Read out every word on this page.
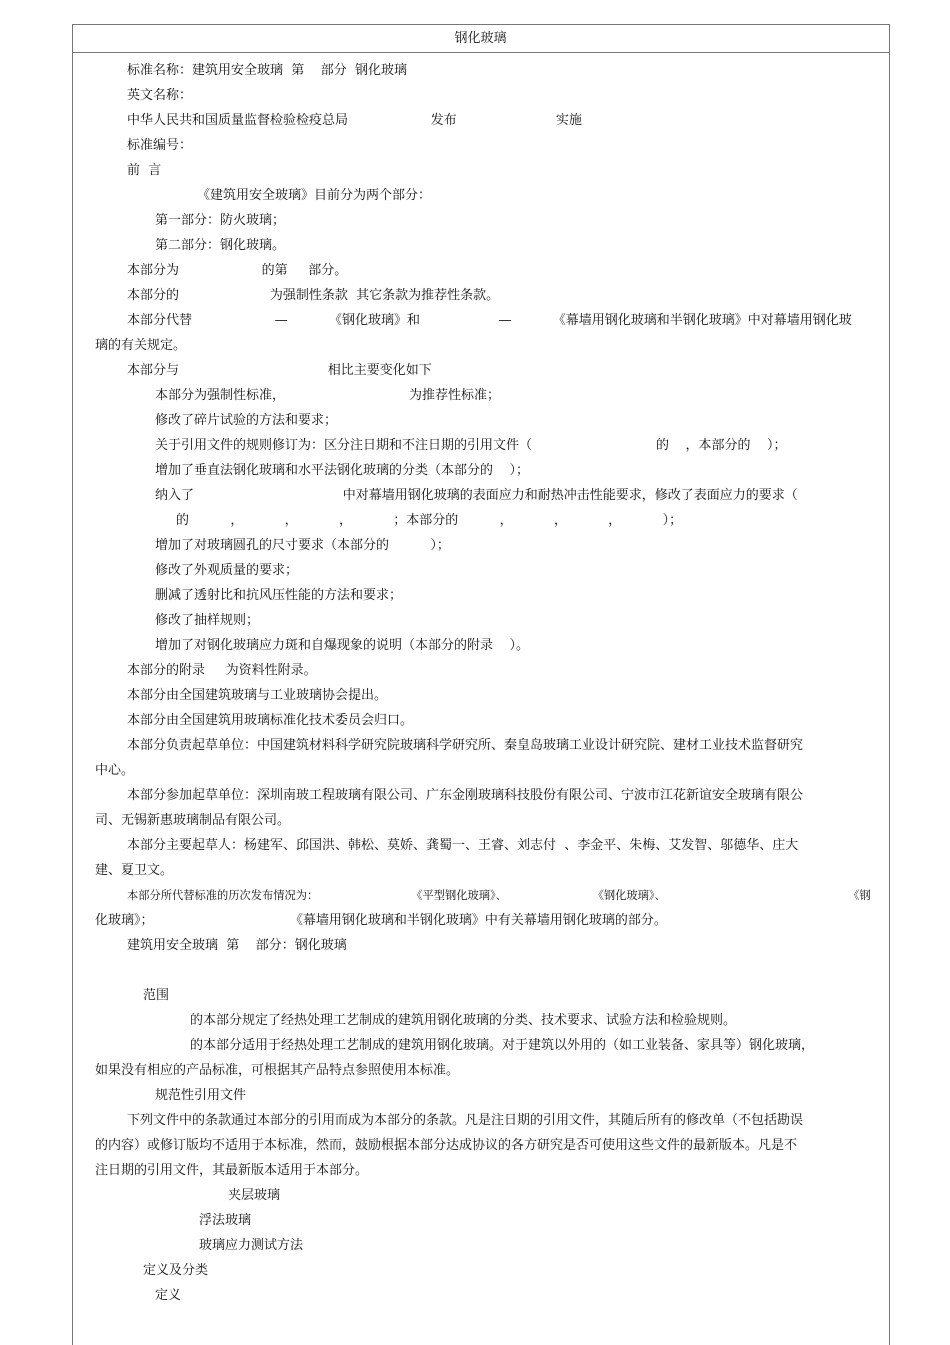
钢化玻璃
标准名称：建筑用安全玻璃  第    部分  钢化玻璃
英文名称：
中华人民共和国质量监督检验检疫总局                    发布                        实施
标准编号：
前  言
《建筑用安全玻璃》目前分为两个部分：
第一部分：防火玻璃；
第二部分：钢化玻璃。
本部分为                    的第     部分。
本部分的                      为强制性条款  其它条款为推荐性条款。
本部分代替                    —          《钢化玻璃》和                   —          《幕墙用钢化玻璃和半钢化玻璃》中对幕墙用钢化玻
璃的有关规定。
本部分与                                    相比主要变化如下
本部分为强制性标准，                              为推荐性标准；
修改了碎片试验的方法和要求；
关于引用文件的规则修订为：区分注日期和不注日期的引用文件（                              的    ，本部分的    ）；
增加了垂直法钢化玻璃和水平法钢化玻璃的分类（本部分的    ）；
纳入了                                    中对幕墙用钢化玻璃的表面应力和耐热冲击性能要求，修改了表面应力的要求（
的          ，          ，          ，          ；本部分的          ，          ，          ，          ）；
增加了对玻璃圆孔的尺寸要求（本部分的          ）；
修改了外观质量的要求；
删减了透射比和抗风压性能的方法和要求；
修改了抽样规则；
增加了对钢化玻璃应力斑和自爆现象的说明（本部分的附录    ）。
本部分的附录     为资料性附录。
本部分由全国建筑玻璃与工业玻璃协会提出。
本部分由全国建筑用玻璃标准化技术委员会归口。
本部分负责起草单位：中国建筑材料科学研究院玻璃科学研究所、秦皇岛玻璃工业设计研究院、建材工业技术监督研究
中心。
本部分参加起草单位：深圳南玻工程玻璃有限公司、广东金刚玻璃科技股份有限公司、宁波市江花新谊安全玻璃有限公
司、无锡新惠玻璃制品有限公司。
本部分主要起草人：杨建军、邱国洪、韩松、莫娇、龚蜀一、王睿、刘志付  、李金平、朱梅、艾发智、邬德华、庄大
建、夏卫文。
本部分所代替标准的历次发布情况为：                          《平型钢化玻璃》、                        《钢化玻璃》、                                                   《钢
化玻璃》；                                 《幕墙用钢化玻璃和半钢化玻璃》中有关幕墙用钢化玻璃的部分。
建筑用安全玻璃  第    部分：钢化玻璃
范围
的本部分规定了经热处理工艺制成的建筑用钢化玻璃的分类、技术要求、试验方法和检验规则。
的本部分适用于经热处理工艺制成的建筑用钢化玻璃。对于建筑以外用的（如工业装备、家具等）钢化玻璃，
如果没有相应的产品标准，可根据其产品特点参照使用本标准。
规范性引用文件
下列文件中的条款通过本部分的引用而成为本部分的条款。凡是注日期的引用文件，其随后所有的修改单（不包括勘误
的内容）或修订版均不适用于本标准，然而，鼓励根据本部分达成协议的各方研究是否可使用这些文件的最新版本。凡是不
注日期的引用文件，其最新版本适用于本部分。
夹层玻璃
浮法玻璃
玻璃应力测试方法
定义及分类
定义
